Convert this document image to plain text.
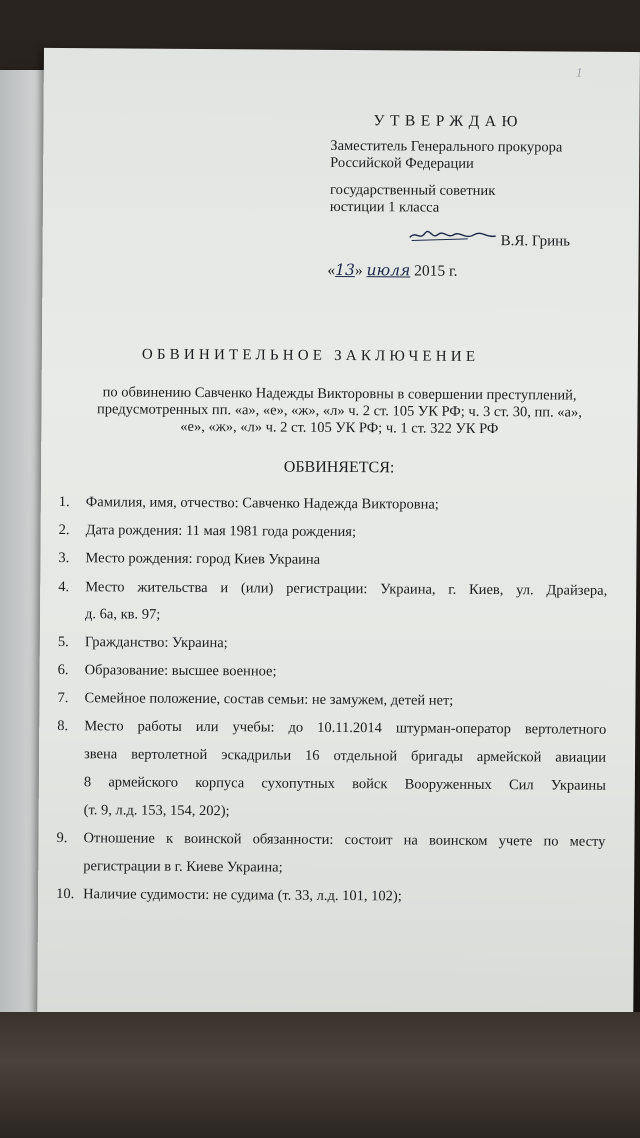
1
УТВЕРЖДАЮ
Заместитель Генерального прокурора
Российской Федерации
государственный советник
юстиции 1 класса
В.Я. Гринь
«13» июля 2015 г.
ОБВИНИТЕЛЬНОЕ ЗАКЛЮЧЕНИЕ
по обвинению Савченко Надежды Викторовны в совершении преступлений,
предусмотренных пп. «а», «е», «ж», «л» ч. 2 ст. 105 УК РФ; ч. 3 ст. 30, пп. «а»,
«е», «ж», «л» ч. 2 ст. 105 УК РФ; ч. 1 ст. 322 УК РФ
ОБВИНЯЕТСЯ:
1.	Фамилия, имя, отчество: Савченко Надежда Викторовна;
2.	Дата рождения: 11 мая 1981 года рождения;
3.	Место рождения: город Киев Украина
4.	Место жительства и (или) регистрации: Украина, г. Киев, ул. Драйзера,
д. 6а, кв. 97;
5.	Гражданство: Украина;
6.	Образование: высшее военное;
7.	Семейное положение, состав семьи: не замужем, детей нет;
8.	Место работы или учебы: до 10.11.2014 штурман-оператор вертолетного
звена вертолетной эскадрильи 16 отдельной бригады армейской авиации
8 армейского корпуса сухопутных войск Вооруженных Сил Украины
(т. 9, л.д. 153, 154, 202);
9.	Отношение к воинской обязанности: состоит на воинском учете по месту
регистрации в г. Киеве Украина;
10. Наличие судимости: не судима (т. 33, л.д. 101, 102);
